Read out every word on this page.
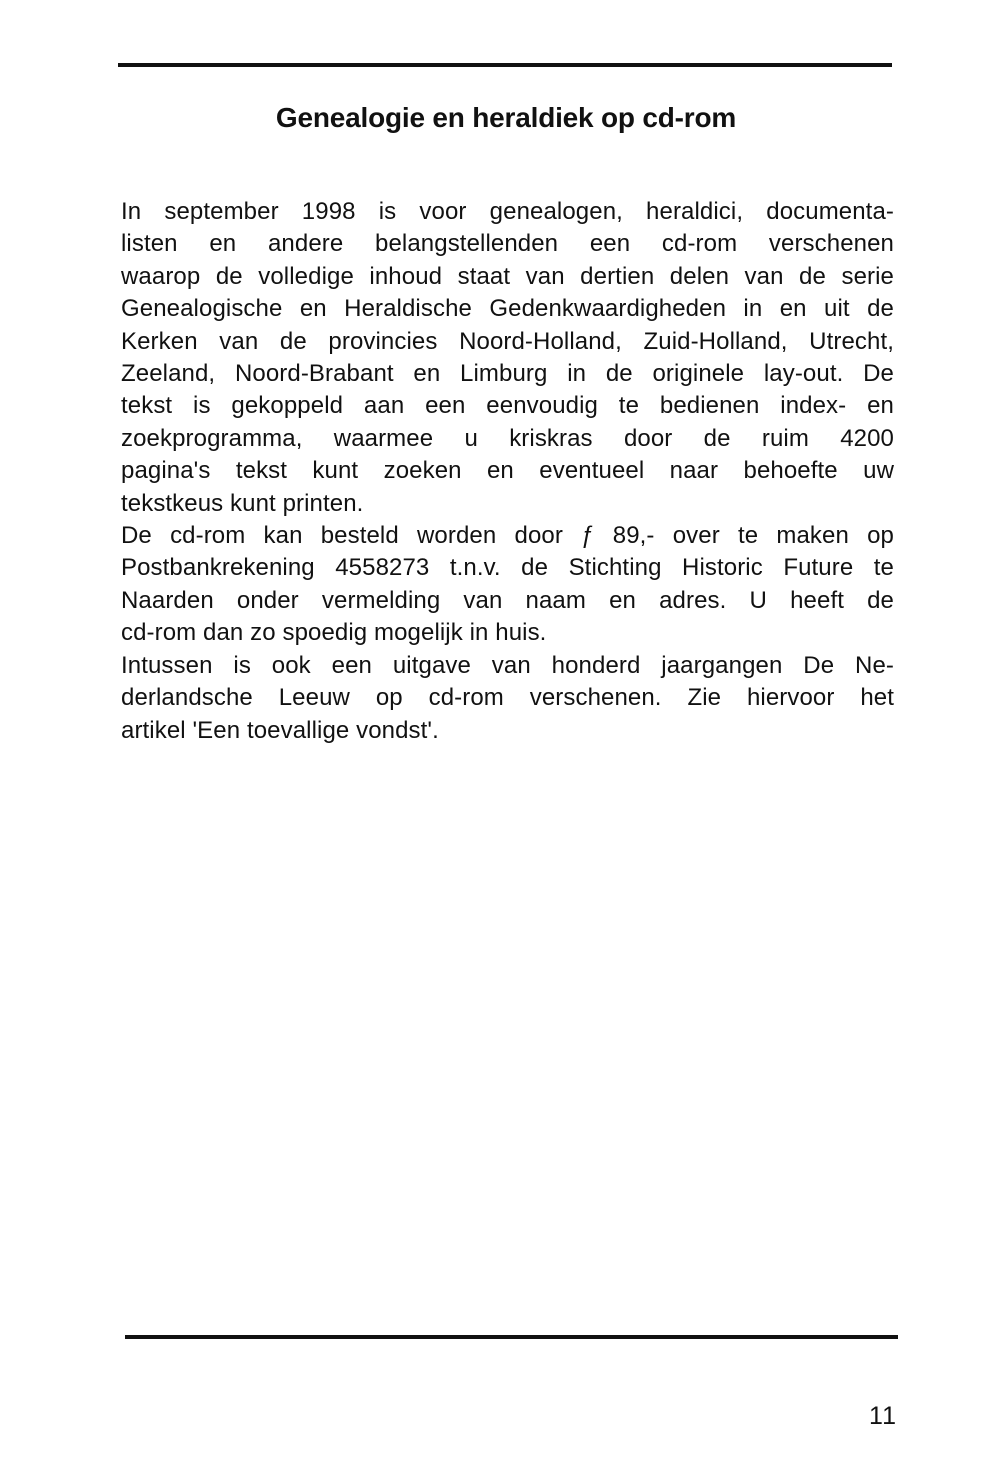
Genealogie en heraldiek op cd-rom

In september 1998 is voor genealogen, heraldici, documenta-
listen en andere belangstellenden een cd-rom verschenen
waarop de volledige inhoud staat van dertien delen van de serie
Genealogische en Heraldische Gedenkwaardigheden in en uit de
Kerken van de provincies Noord-Holland, Zuid-Holland, Utrecht,
Zeeland, Noord-Brabant en Limburg in de originele lay-out. De
tekst is gekoppeld aan een eenvoudig te bedienen index- en
zoekprogramma, waarmee u kriskras door de ruim 4200
pagina's tekst kunt zoeken en eventueel naar behoefte uw
tekstkeus kunt printen.

De cd-rom kan besteld worden door ƒ 89,- over te maken op
Postbankrekening 4558273 t.n.v. de Stichting Historic Future te
Naarden onder vermelding van naam en adres. U heeft de
cd-rom dan zo spoedig mogelijk in huis.

Intussen is ook een uitgave van honderd jaargangen De Ne-
derlandsche Leeuw op cd-rom verschenen. Zie hiervoor het
artikel 'Een toevallige vondst'.

11
